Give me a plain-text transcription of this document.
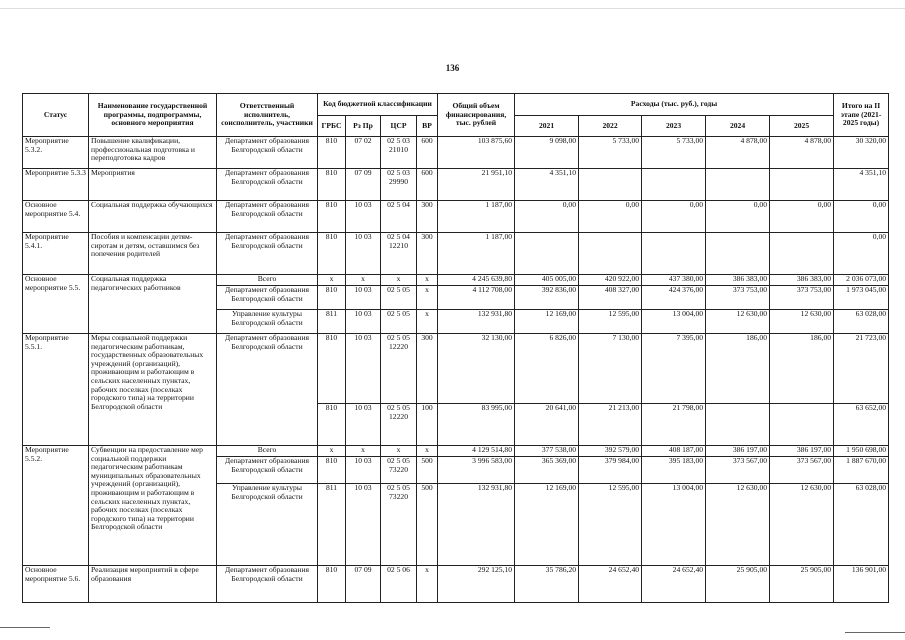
136
Статус	Наименование государственной программы, подпрограммы, основного мероприятия	Ответственный исполнитель, соисполнитель, участники	Код бюджетной классификации				Общий объем финансирования, тыс. рублей	Расходы (тыс. руб.), годы					Итого на II этапе (2021-2025 годы)
			ГРБС	Рз Пр	ЦСР	ВР		2021	2022	2023	2024	2025	
Мероприятие 5.3.2.	Повышение квалификации, профессиональная подготовка и переподготовка кадров	Департамент образования Белгородской области	810	07 02	02 5 03 21010	600	103 875,60	9 098,00	5 733,00	5 733,00	4 878,00	4 878,00	30 320,00
Мероприятие 5.3.3	Мероприятия	Департамент образования Белгородской области	810	07 09	02 5 03 29990	600	21 951,10	4 351,10					4 351,10
Основное мероприятие 5.4.	Социальная поддержка обучающихся	Департамент образования Белгородской области	810	10 03	02 5 04	300	1 187,00	0,00	0,00	0,00	0,00	0,00	0,00
Мероприятие 5.4.1.	Пособия и компенсации детям-сиротам и детям, оставшимся без попечения родителей	Департамент образования Белгородской области	810	10 03	02 5 04 12210	300	1 187,00						0,00
Основное мероприятие 5.5.	Социальная поддержка педагогических работников	Всего	х	х	х	х	4 245 639,80	405 005,00	420 922,00	437 380,00	386 383,00	386 383,00	2 036 073,00
		Департамент образования Белгородской области	810	10 03	02 5 05	х	4 112 708,00	392 836,00	408 327,00	424 376,00	373 753,00	373 753,00	1 973 045,00
		Управление культуры Белгородской области	811	10 03	02 5 05	х	132 931,80	12 169,00	12 595,00	13 004,00	12 630,00	12 630,00	63 028,00
Мероприятие 5.5.1.	Меры социальной поддержки педагогическим работникам, государственных образовательных учреждений (организаций), проживающим и работающим в сельских населенных пунктах, рабочих поселках (поселках городского типа) на территории Белгородской области	Департамент образования Белгородской области	810	10 03	02 5 05 12220	300	32 130,00	6 826,00	7 130,00	7 395,00	186,00	186,00	21 723,00
			810	10 03	02 5 05 12220	100	83 995,00	20 641,00	21 213,00	21 798,00			63 652,00
Мероприятие 5.5.2.	Субвенции на предоставление мер социальной поддержки педагогическим работникам муниципальных образовательных учреждений (организаций), проживающим и работающим в сельских населенных пунктах, рабочих поселках (поселках городского типа) на территории Белгородской области	Всего	х	х	х	х	4 129 514,80	377 538,00	392 579,00	408 187,00	386 197,00	386 197,00	1 950 698,00
		Департамент образования Белгородской области	810	10 03	02 5 05 73220	500	3 996 583,00	365 369,00	379 984,00	395 183,00	373 567,00	373 567,00	1 887 670,00
		Управление культуры Белгородской области	811	10 03	02 5 05 73220	500	132 931,80	12 169,00	12 595,00	13 004,00	12 630,00	12 630,00	63 028,00
Основное мероприятие 5.6.	Реализация мероприятий в сфере образования	Департамент образования Белгородской области	810	07 09	02 5 06	х	292 125,10	35 786,20	24 652,40	24 652,40	25 905,00	25 905,00	136 901,00
